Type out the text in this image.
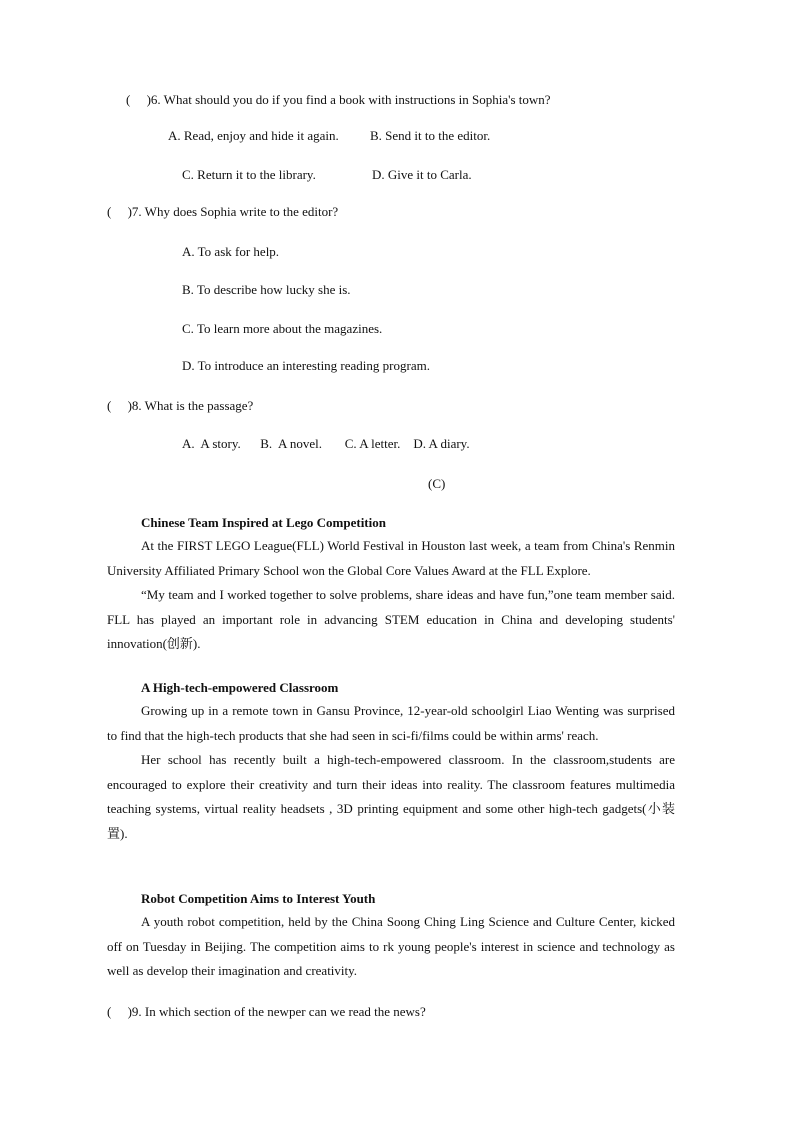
(     )6. What should you do if you find a book with instructions in Sophia's town?
A. Read, enjoy and hide it again. B. Send it to the editor.
C. Return it to the library.	D. Give it to Carla.
(     )7. Why does Sophia write to the editor?
A. To ask for help.
B. To describe how lucky she is.
C. To learn more about the magazines.
D. To introduce an interesting reading program.
(     )8. What is the passage?
A.  A story.      B.  A novel.       C. A letter.    D. A diary.
(C)
Chinese Team Inspired at Lego Competition

At the FIRST LEGO League(FLL) World Festival in Houston last week, a team from China's Renmin University Affiliated Primary School won the Global Core Values Award at the FLL Explore.

“My team and I worked together to solve problems, share ideas and have fun,”one team member said. FLL has played an important role in advancing STEM education in China and developing students' innovation(创新).

A High-tech-empowered Classroom

Growing up in a remote town in Gansu Province, 12-year-old schoolgirl Liao Wenting was surprised to find that the high-tech products that she had seen in sci-fi/films could be within arms' reach.

Her school has recently built a high-tech-empowered classroom. In the classroom,students are encouraged to explore their creativity and turn their ideas into reality. The classroom features multimedia teaching systems, virtual reality headsets , 3D printing equipment and some other high-tech gadgets(小装置).

Robot Competition Aims to Interest Youth

A youth robot competition, held by the China Soong Ching Ling Science and Culture Center, kicked off on Tuesday in Beijing. The competition aims to rk young people's interest in science and technology as well as develop their imagination and creativity.

(     )9. In which section of the newper can we read the news?
